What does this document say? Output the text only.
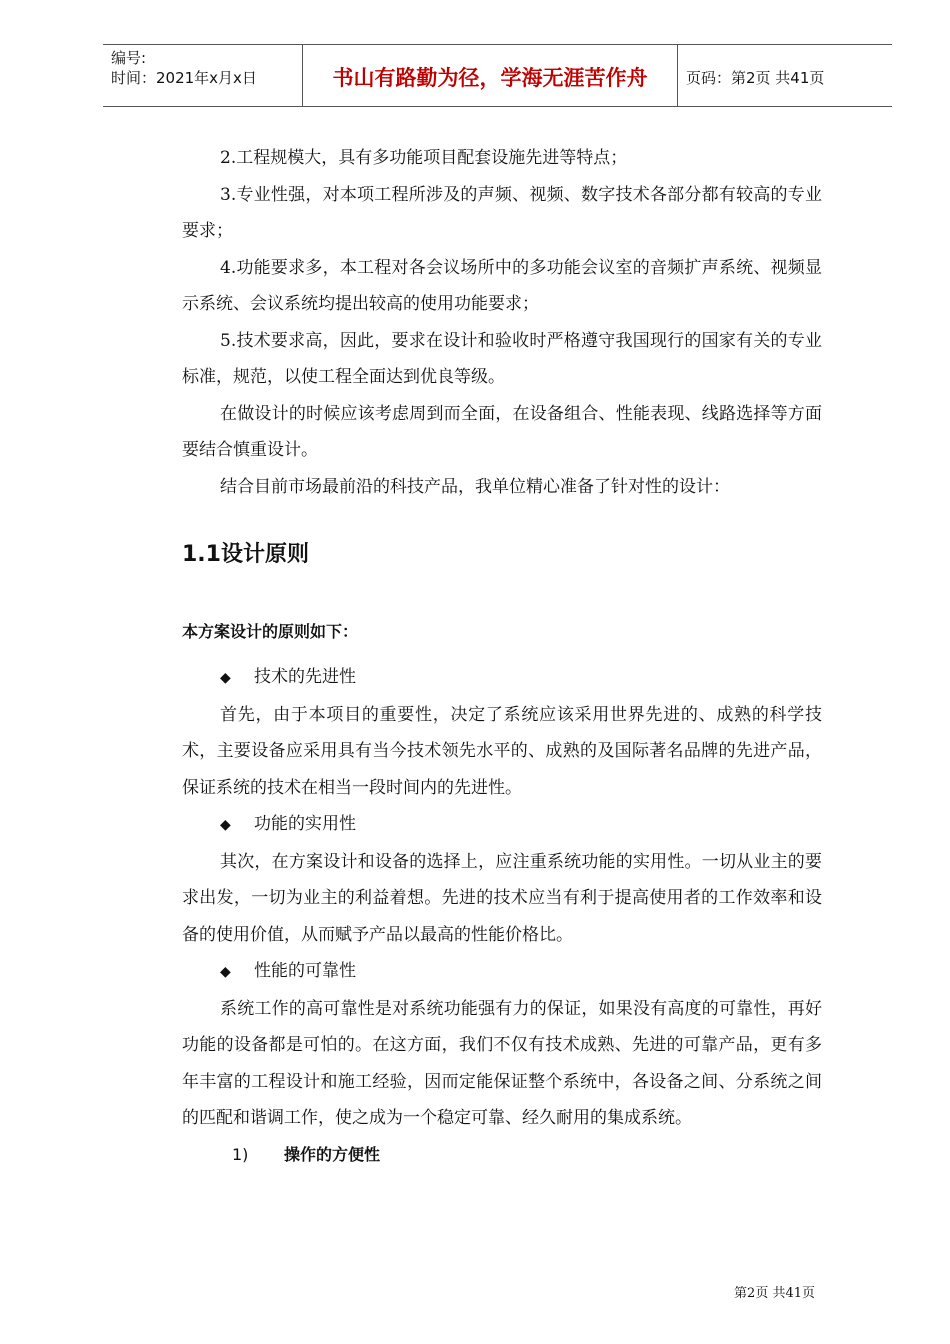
编号:
时间：2021年x月x日	书山有路勤为径，学海无涯苦作舟	页码：第2页 共41页

2.工程规模大，具有多功能项目配套设施先进等特点；

3.专业性强，对本项工程所涉及的声频、视频、数字技术各部分都有较高的专业要求；

4.功能要求多，本工程对各会议场所中的多功能会议室的音频扩声系统、视频显示系统、会议系统均提出较高的使用功能要求；

5.技术要求高，因此，要求在设计和验收时严格遵守我国现行的国家有关的专业标准，规范，以使工程全面达到优良等级。

在做设计的时候应该考虑周到而全面，在设备组合、性能表现、线路选择等方面要结合慎重设计。

结合目前市场最前沿的科技产品，我单位精心准备了针对性的设计：

1.1设计原则
本方案设计的原则如下：
◆ 技术的先进性

首先，由于本项目的重要性，决定了系统应该采用世界先进的、成熟的科学技术，主要设备应采用具有当今技术领先水平的、成熟的及国际著名品牌的先进产品，保证系统的技术在相当一段时间内的先进性。

◆ 功能的实用性

其次，在方案设计和设备的选择上，应注重系统功能的实用性。一切从业主的要求出发，一切为业主的利益着想。先进的技术应当有利于提高使用者的工作效率和设备的使用价值，从而赋予产品以最高的性能价格比。

◆ 性能的可靠性

系统工作的高可靠性是对系统功能强有力的保证，如果没有高度的可靠性，再好功能的设备都是可怕的。在这方面，我们不仅有技术成熟、先进的可靠产品，更有多年丰富的工程设计和施工经验，因而定能保证整个系统中，各设备之间、分系统之间的匹配和谐调工作，使之成为一个稳定可靠、经久耐用的集成系统。

1) 操作的方便性
第2页 共41页
